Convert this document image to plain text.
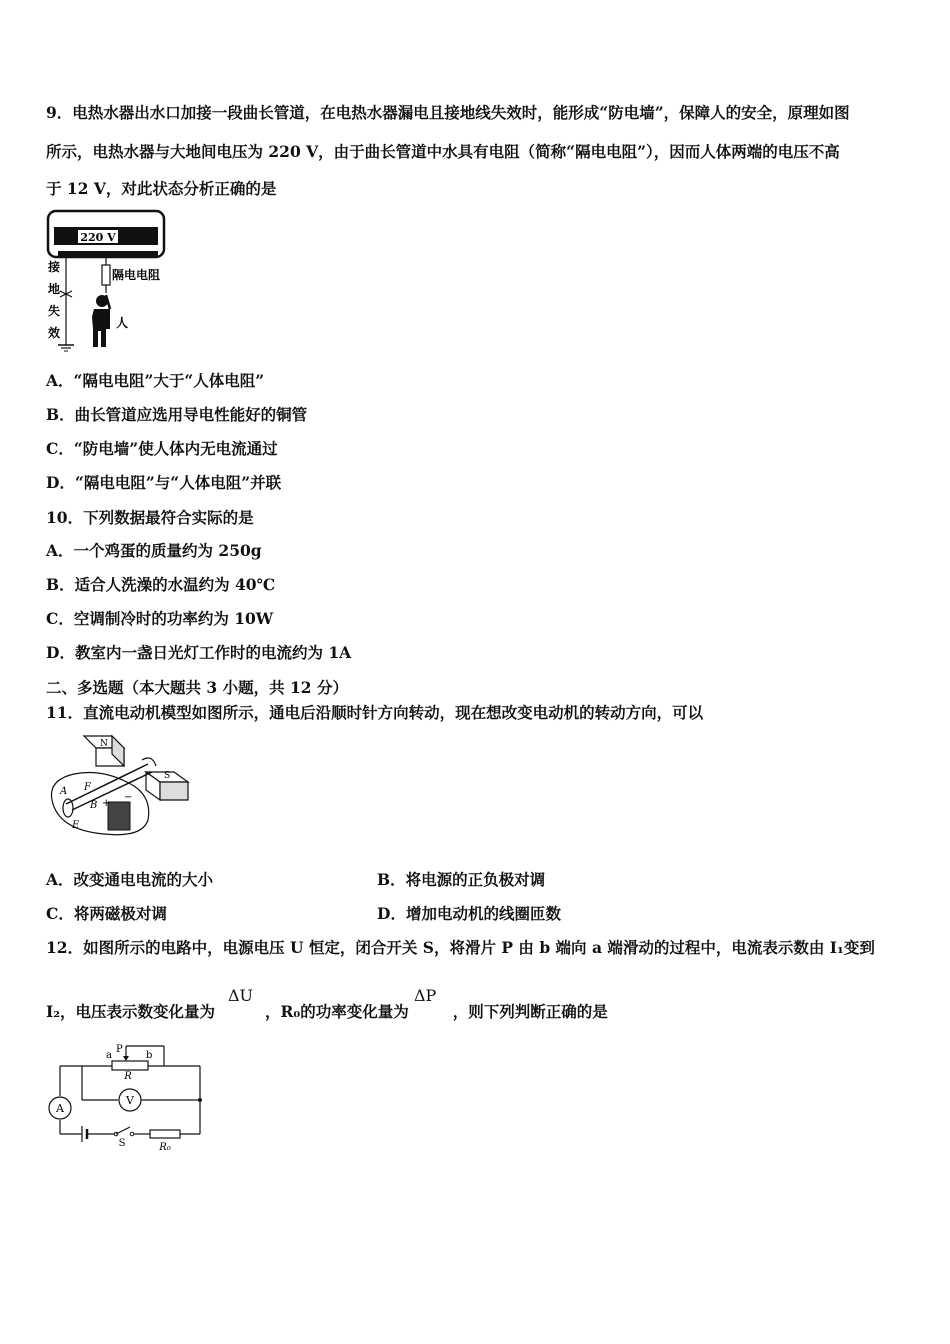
9．电热水器出水口加接一段曲长管道，在电热水器漏电且接地线失效时，能形成“防电墙”，保障人的安全，原理如图
所示，电热水器与大地间电压为 220 V，由于曲长管道中水具有电阻（简称“隔电电阻”），因而人体两端的电压不高
于 12 V，对此状态分析正确的是
220 V
接
地
失
效
隔电电阻
人
A．“隔电电阻”大于“人体电阻”
B．曲长管道应选用导电性能好的铜管
C．“防电墙”使人体内无电流通过
D．“隔电电阻”与“人体电阻”并联
10．下列数据最符合实际的是
A．一个鸡蛋的质量约为 250g
B．适合人洗澡的水温约为 40℃
C．空调制冷时的功率约为 10W
D．教室内一盏日光灯工作时的电流约为 1A
二、多选题（本大题共 3 小题，共 12 分）
11．直流电动机模型如图所示，通电后沿顺时针方向转动，现在想改变电动机的转动方向，可以
N
S
A F
B +
−
E
A．改变通电电流的大小	B．将电源的正负极对调
C．将两磁极对调	D．增加电动机的线圈匝数
12．如图所示的电路中，电源电压 U 恒定，闭合开关 S，将滑片 P 由 b 端向 a 端滑动的过程中，电流表示数由 I₁变到
I₂，电压表示数变化量为	，R₀的功率变化量为	，则下列判断正确的是
ΔU	ΔP
A
S	R₀
R
a	b
P
V
